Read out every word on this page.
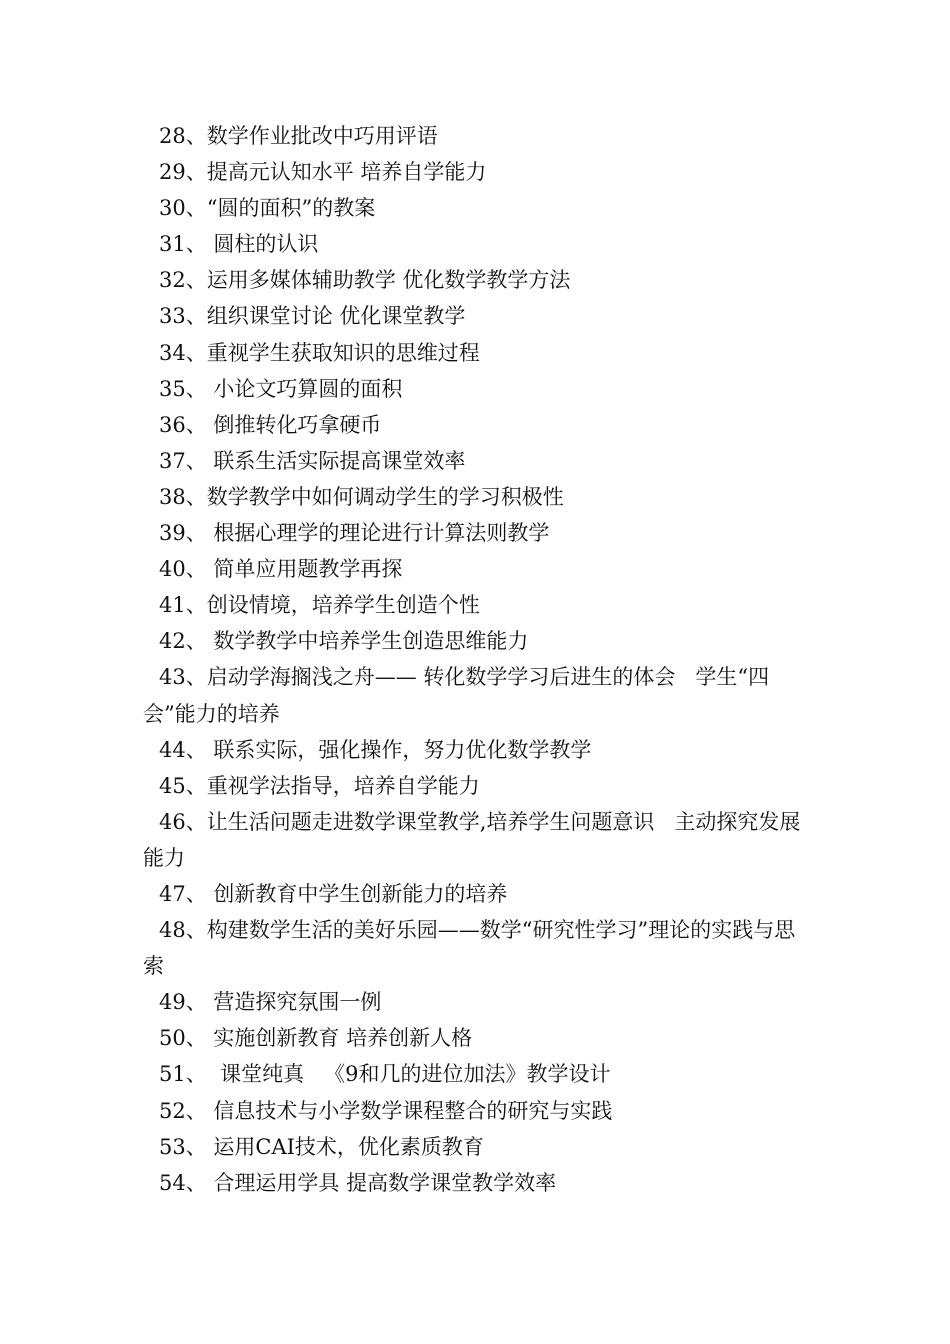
28、数学作业批改中巧用评语

29、提高元认知水平 培养自学能力

30、“圆的面积”的教案

31、 圆柱的认识

32、运用多媒体辅助教学 优化数学教学方法

33、组织课堂讨论 优化课堂教学

34、重视学生获取知识的思维过程

35、 小论文巧算圆的面积

36、 倒推转化巧拿硬币

37、 联系生活实际提高课堂效率

38、数学教学中如何调动学生的学习积极性

39、 根据心理学的理论进行计算法则教学

40、 简单应用题教学再探

41、创设情境，培养学生创造个性

42、 数学教学中培养学生创造思维能力

43、启动学海搁浅之舟—— 转化数学学习后进生的体会   学生“四会”能力的培养

44、 联系实际，强化操作，努力优化数学教学

45、重视学法指导，培养自学能力

46、让生活问题走进数学课堂教学,培养学生问题意识   主动探究发展能力

47、 创新教育中学生创新能力的培养

48、构建数学生活的美好乐园——数学“研究性学习”理论的实践与思索

49、 营造探究氛围一例

50、 实施创新教育 培养创新人格

51、  课堂纯真   《9和几的进位加法》教学设计

52、 信息技术与小学数学课程整合的研究与实践

53、 运用CAI技术，优化素质教育

54、 合理运用学具 提高数学课堂教学效率
